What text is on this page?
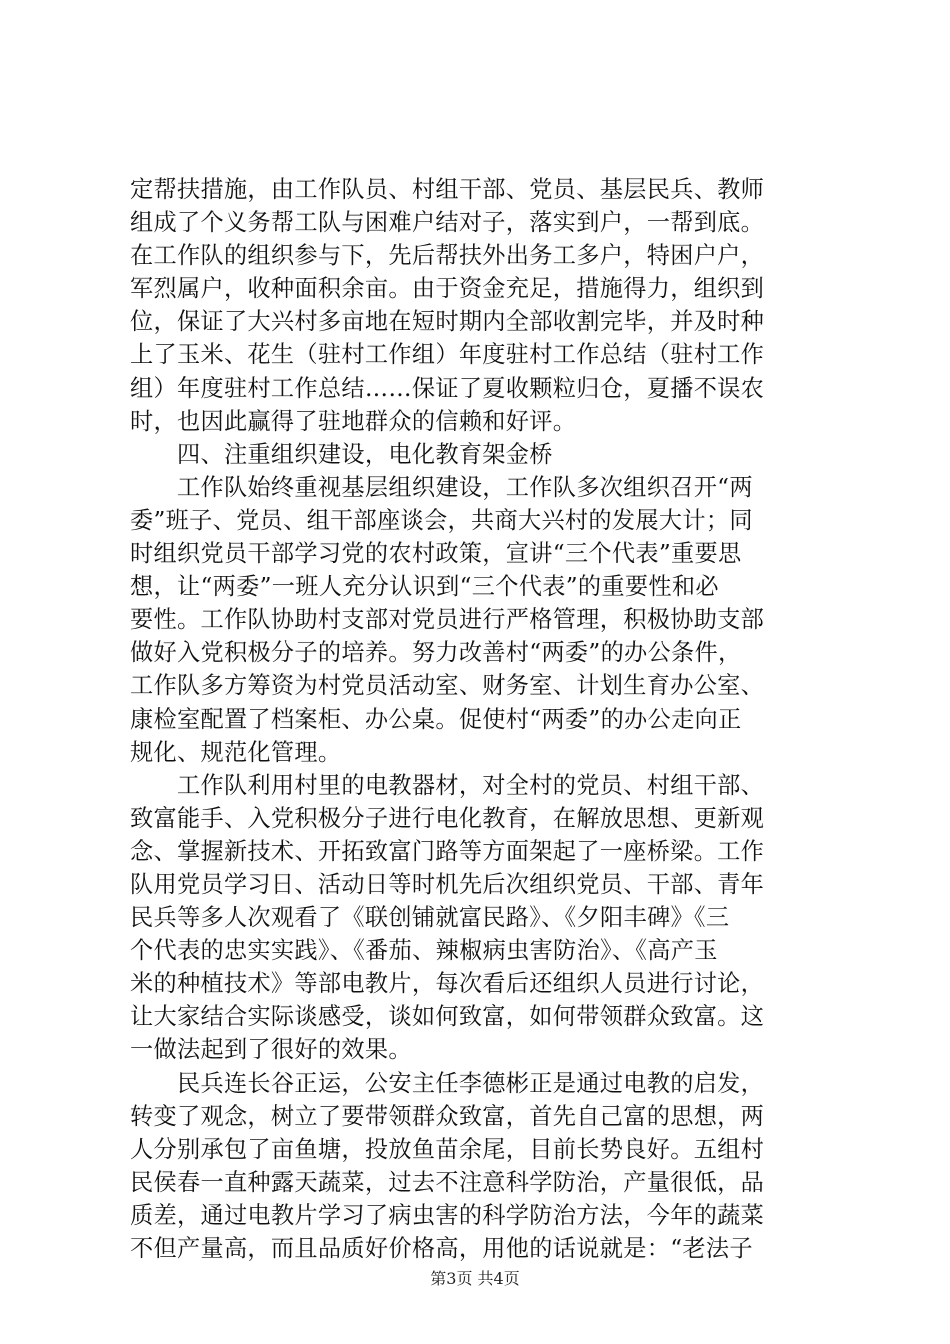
定帮扶措施，由工作队员、村组干部、党员、基层民兵、教师
组成了个义务帮工队与困难户结对子，落实到户，一帮到底。
在工作队的组织参与下，先后帮扶外出务工多户，特困户户，
军烈属户，收种面积余亩。由于资金充足，措施得力，组织到
位，保证了大兴村多亩地在短时期内全部收割完毕，并及时种
上了玉米、花生（驻村工作组）年度驻村工作总结（驻村工作
组）年度驻村工作总结……保证了夏收颗粒归仓，夏播不误农
时，也因此赢得了驻地群众的信赖和好评。
　　四、注重组织建设，电化教育架金桥
　　工作队始终重视基层组织建设，工作队多次组织召开“两
委”班子、党员、组干部座谈会，共商大兴村的发展大计；同
时组织党员干部学习党的农村政策，宣讲“三个代表”重要思
想，让“两委”一班人充分认识到“三个代表”的重要性和必
要性。工作队协助村支部对党员进行严格管理，积极协助支部
做好入党积极分子的培养。努力改善村“两委”的办公条件，
工作队多方筹资为村党员活动室、财务室、计划生育办公室、
康检室配置了档案柜、办公桌。促使村“两委”的办公走向正
规化、规范化管理。
　　工作队利用村里的电教器材，对全村的党员、村组干部、
致富能手、入党积极分子进行电化教育，在解放思想、更新观
念、掌握新技术、开拓致富门路等方面架起了一座桥梁。工作
队用党员学习日、活动日等时机先后次组织党员、干部、青年
民兵等多人次观看了《联创铺就富民路》、《夕阳丰碑》《三
个代表的忠实实践》、《番茄、辣椒病虫害防治》、《高产玉
米的种植技术》等部电教片，每次看后还组织人员进行讨论，
让大家结合实际谈感受，谈如何致富，如何带领群众致富。这
一做法起到了很好的效果。
　　民兵连长谷正运，公安主任李德彬正是通过电教的启发，
转变了观念，树立了要带领群众致富，首先自己富的思想，两
人分别承包了亩鱼塘，投放鱼苗余尾，目前长势良好。五组村
民侯春一直种露天蔬菜，过去不注意科学防治，产量很低，品
质差，通过电教片学习了病虫害的科学防治方法，今年的蔬菜
不但产量高，而且品质好价格高，用他的话说就是：“老法子
第3页 共4页
